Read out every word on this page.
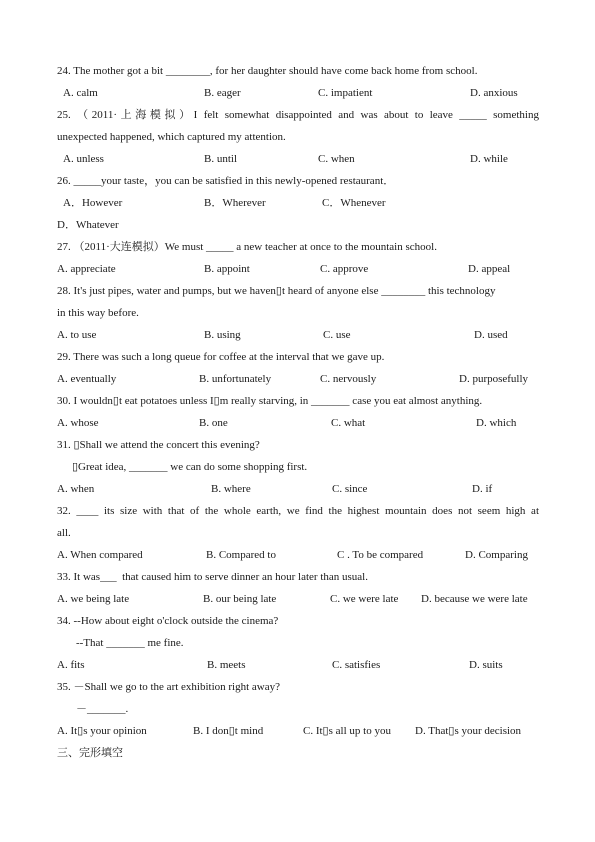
24. The mother got a bit ________, for her daughter should have come back home from school.
A. calm	B. eager	C. impatient	D. anxious
25. （2011·上海模拟）I felt somewhat disappointed and was about to leave _____ something
unexpected happened, which captured my attention.
A. unless	B. until	C. when	D. while
26. _____your taste，you can be satisfied in this newly-opened restaurant．
A．However	B．Wherever	C．Whenever
D．Whatever
27. （2011·大连模拟）We must _____ a new teacher at once to the mountain school.
A. appreciate	B. appoint	C. approve	D. appeal
28. It's just pipes, water and pumps, but we haven▯t heard of anyone else ________ this technology
in this way before.
A. to use	B. using	C. use	D. used
29. There was such a long queue for coffee at the interval that we gave up.
A. eventually	B. unfortunately	C. nervously	D. purposefully
30. I wouldn▯t eat potatoes unless I▯m really starving, in _______ case you eat almost anything.
A. whose	B. one	C. what	D. which
31. ▯Shall we attend the concert this evening?
▯Great idea, _______ we can do some shopping first.
A. when	B. where	C. since	D. if
32. ____ its size with that of the whole earth, we find the highest mountain does not seem high at
all.
A. When compared	B. Compared to	C . To be compared	D. Comparing
33. It was___  that caused him to serve dinner an hour later than usual.
A. we being late	B. our being late	C. we were late D. because we were late
34. --How about eight o'clock outside the cinema?
--That _______ me fine.
A. fits	B. meets	C. satisfies	D. suits
35. －Shall we go to the art exhibition right away?
－_______.
A. It▯s your opinion	B. I don▯t mind	C. It▯s all up to you D. That▯s your decision
三、完形填空
